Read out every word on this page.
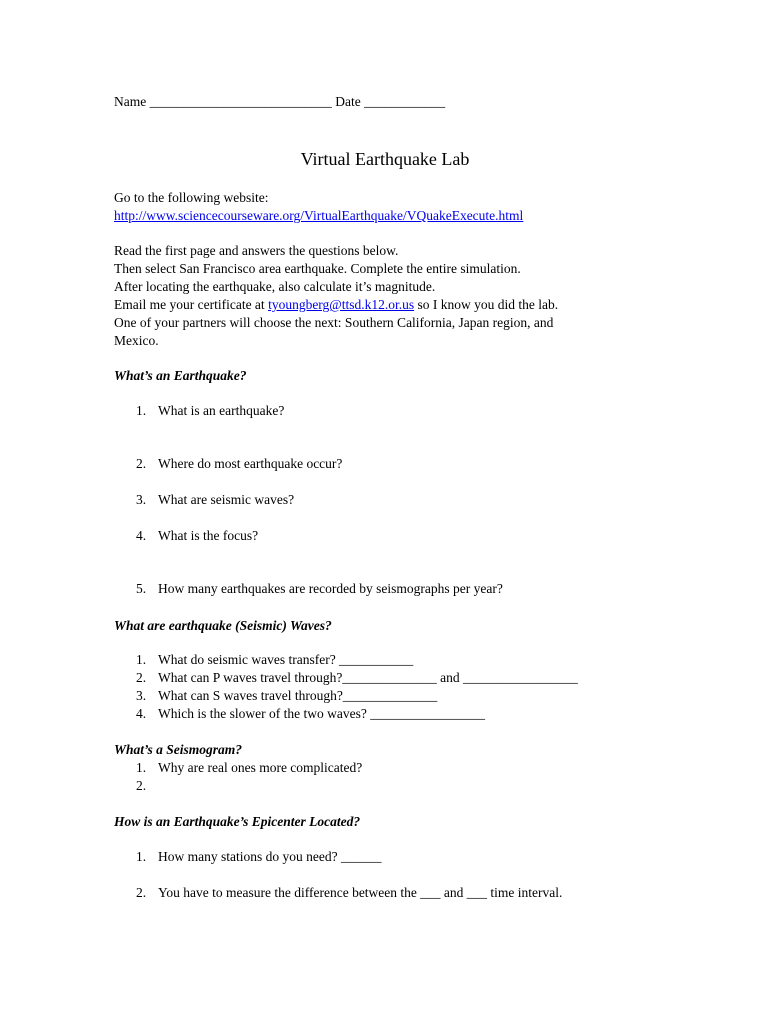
Name ___________________________ Date ____________
Virtual Earthquake Lab
Go to the following website:
http://www.sciencecourseware.org/VirtualEarthquake/VQuakeExecute.html
Read the first page and answers the questions below.
Then select San Francisco area earthquake. Complete the entire simulation.
After locating the earthquake, also calculate it’s magnitude.
Email me your certificate at tyoungberg@ttsd.k12.or.us so I know you did the lab.
One of your partners will choose the next: Southern California, Japan region, and
Mexico.
What’s an Earthquake?
1. What is an earthquake?
2. Where do most earthquake occur?
3. What are seismic waves?
4. What is the focus?
5. How many earthquakes are recorded by seismographs per year?
What are earthquake (Seismic) Waves?
1. What do seismic waves transfer? ___________
2. What can P waves travel through?______________ and _________________
3. What can S waves travel through?______________
4. Which is the slower of the two waves? _________________
What’s a Seismogram?
1. Why are real ones more complicated?
2.
How is an Earthquake’s Epicenter Located?
1. How many stations do you need? ______
2. You have to measure the difference between the ___ and ___ time interval.
